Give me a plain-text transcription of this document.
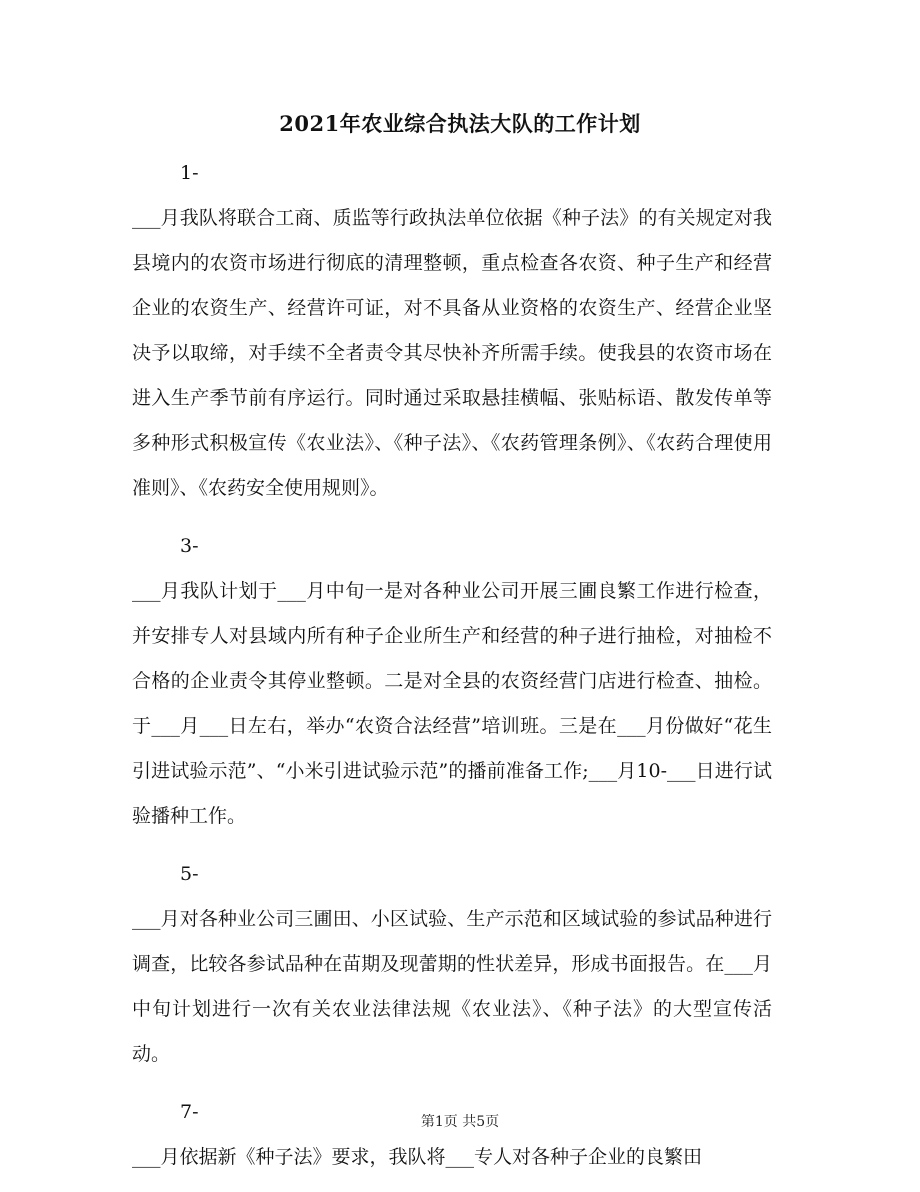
2021年农业综合执法大队的工作计划
1-

___月我队将联合工商、质监等行政执法单位依据《种子法》的有关规定对我县境内的农资市场进行彻底的清理整顿，重点检查各农资、种子生产和经营企业的农资生产、经营许可证，对不具备从业资格的农资生产、经营企业坚决予以取缔，对手续不全者责令其尽快补齐所需手续。使我县的农资市场在进入生产季节前有序运行。同时通过采取悬挂横幅、张贴标语、散发传单等多种形式积极宣传《农业法》、《种子法》、《农药管理条例》、《农药合理使用准则》、《农药安全使用规则》。

3-

___月我队计划于___月中旬一是对各种业公司开展三圃良繁工作进行检查，并安排专人对县域内所有种子企业所生产和经营的种子进行抽检，对抽检不合格的企业责令其停业整顿。二是对全县的农资经营门店进行检查、抽检。于___月___日左右，举办“农资合法经营”培训班。三是在___月份做好“花生引进试验示范”、“小米引进试验示范”的播前准备工作;___月10-___日进行试验播种工作。

5-

___月对各种业公司三圃田、小区试验、生产示范和区域试验的参试品种进行调查，比较各参试品种在苗期及现蕾期的性状差异，形成书面报告。在___月中旬计划进行一次有关农业法律法规《农业法》、《种子法》的大型宣传活动。

7-

___月依据新《种子法》要求，我队将___专人对各种子企业的良繁田

第1页 共5页
